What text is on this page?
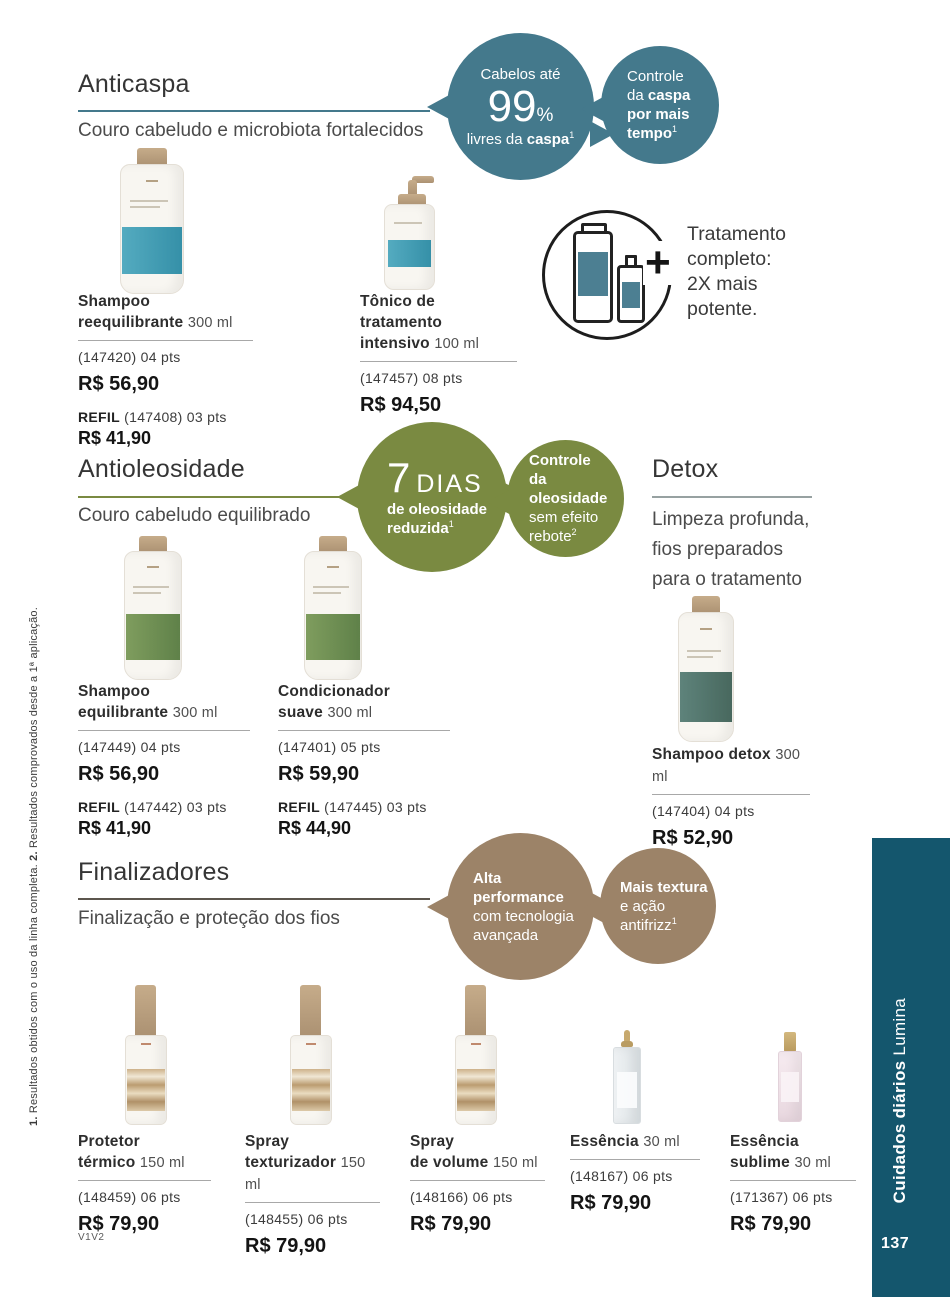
Anticaspa
Couro cabeludo e microbiota fortalecidos
Cabelos até
99%
livres da caspa$^1$
Controle
da caspa
por mais
tempo$^1$
+
Tratamento
completo:
2X mais
potente.
Shampoo
reequilibrante 300 ml
(147420) 04 pts
R$ 56,90
REFIL (147408) 03 pts
R$ 41,90
Tônico de tratamento
intensivo 100 ml
(147457) 08 pts
R$ 94,50
Antioleosidade
Couro cabeludo equilibrado
7 DIAS
de oleosidade
reduzida$^1$
Controle
da oleosidade
sem efeito
rebote$^2$
Shampoo
equilibrante 300 ml
(147449) 04 pts
R$ 56,90
REFIL (147442) 03 pts
R$ 41,90
Condicionador
suave 300 ml
(147401) 05 pts
R$ 59,90
REFIL (147445) 03 pts
R$ 44,90
Detox
Limpeza profunda,
fios preparados
para o tratamento
Shampoo detox 300 ml
(147404) 04 pts
R$ 52,90
Finalizadores
Finalização e proteção dos fios
Alta
performance
com tecnologia
avançada
Mais textura
e ação antifrizz$^1$
Protetor
térmico 150 ml
(148459) 06 pts
R$ 79,90
Spray
texturizador 150 ml
(148455) 06 pts
R$ 79,90
Spray
de volume 150 ml
(148166) 06 pts
R$ 79,90
Essência 30 ml
(148167) 06 pts
R$ 79,90
Essência
sublime 30 ml
(171367) 06 pts
R$ 79,90
V1V2
1. Resultados obtidos com o uso da linha completa. 2. Resultados comprovados desde a 1ª aplicação.
Cuidados diários Lumina
137
